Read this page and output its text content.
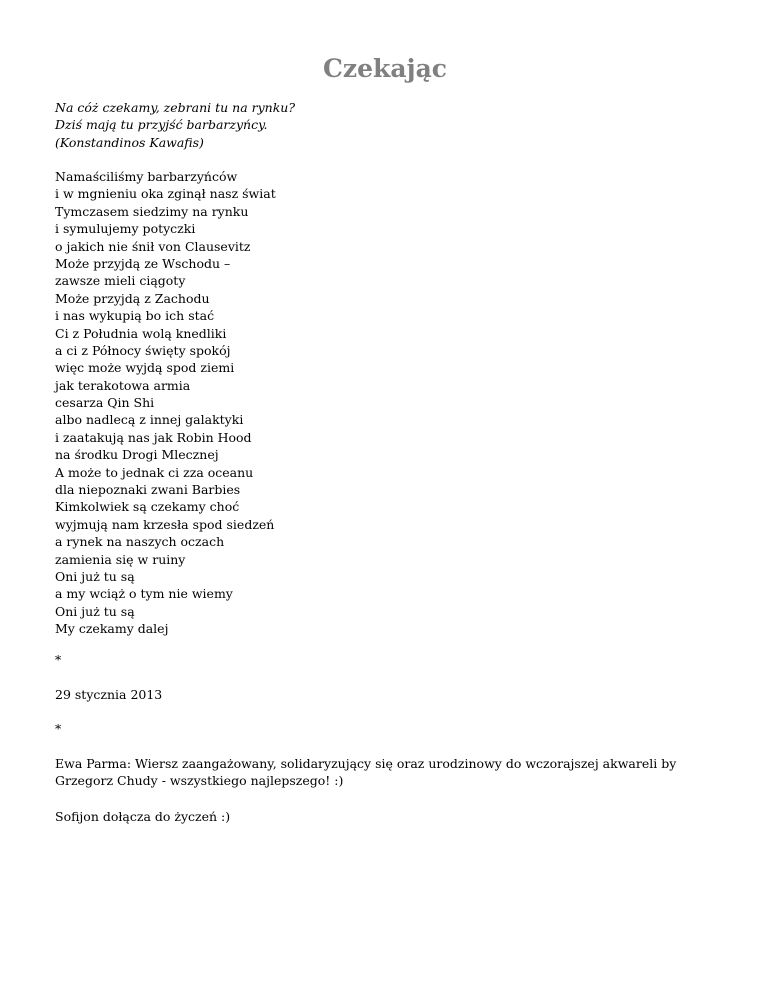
Czekając
Na cóż czekamy, zebrani tu na rynku?
Dziś mają tu przyjść barbarzyńcy.
(Konstandinos Kawafis)
Namaściliśmy barbarzyńców
i w mgnieniu oka zginął nasz świat
Tymczasem siedzimy na rynku
i symulujemy potyczki
o jakich nie śnił von Clausevitz
Może przyjdą ze Wschodu –
zawsze mieli ciągoty
Może przyjdą z Zachodu
i nas wykupią bo ich stać
Ci z Południa wolą knedliki
a ci z Północy święty spokój
więc może wyjdą spod ziemi
jak terakotowa armia
cesarza Qin Shi
albo nadlecą z innej galaktyki
i zaatakują nas jak Robin Hood
na środku Drogi Mlecznej
A może to jednak ci zza oceanu
dla niepoznaki zwani Barbies
Kimkolwiek są czekamy choć
wyjmują nam krzesła spod siedzeń
a rynek na naszych oczach
zamienia się w ruiny
Oni już tu są
a my wciąż o tym nie wiemy
Oni już tu są
My czekamy dalej

*

29 stycznia 2013

*

Ewa Parma: Wiersz zaangażowany, solidaryzujący się oraz urodzinowy do wczorajszej akwareli by Grzegorz Chudy - wszystkiego najlepszego! :)

Sofijon dołącza do życzeń :)
